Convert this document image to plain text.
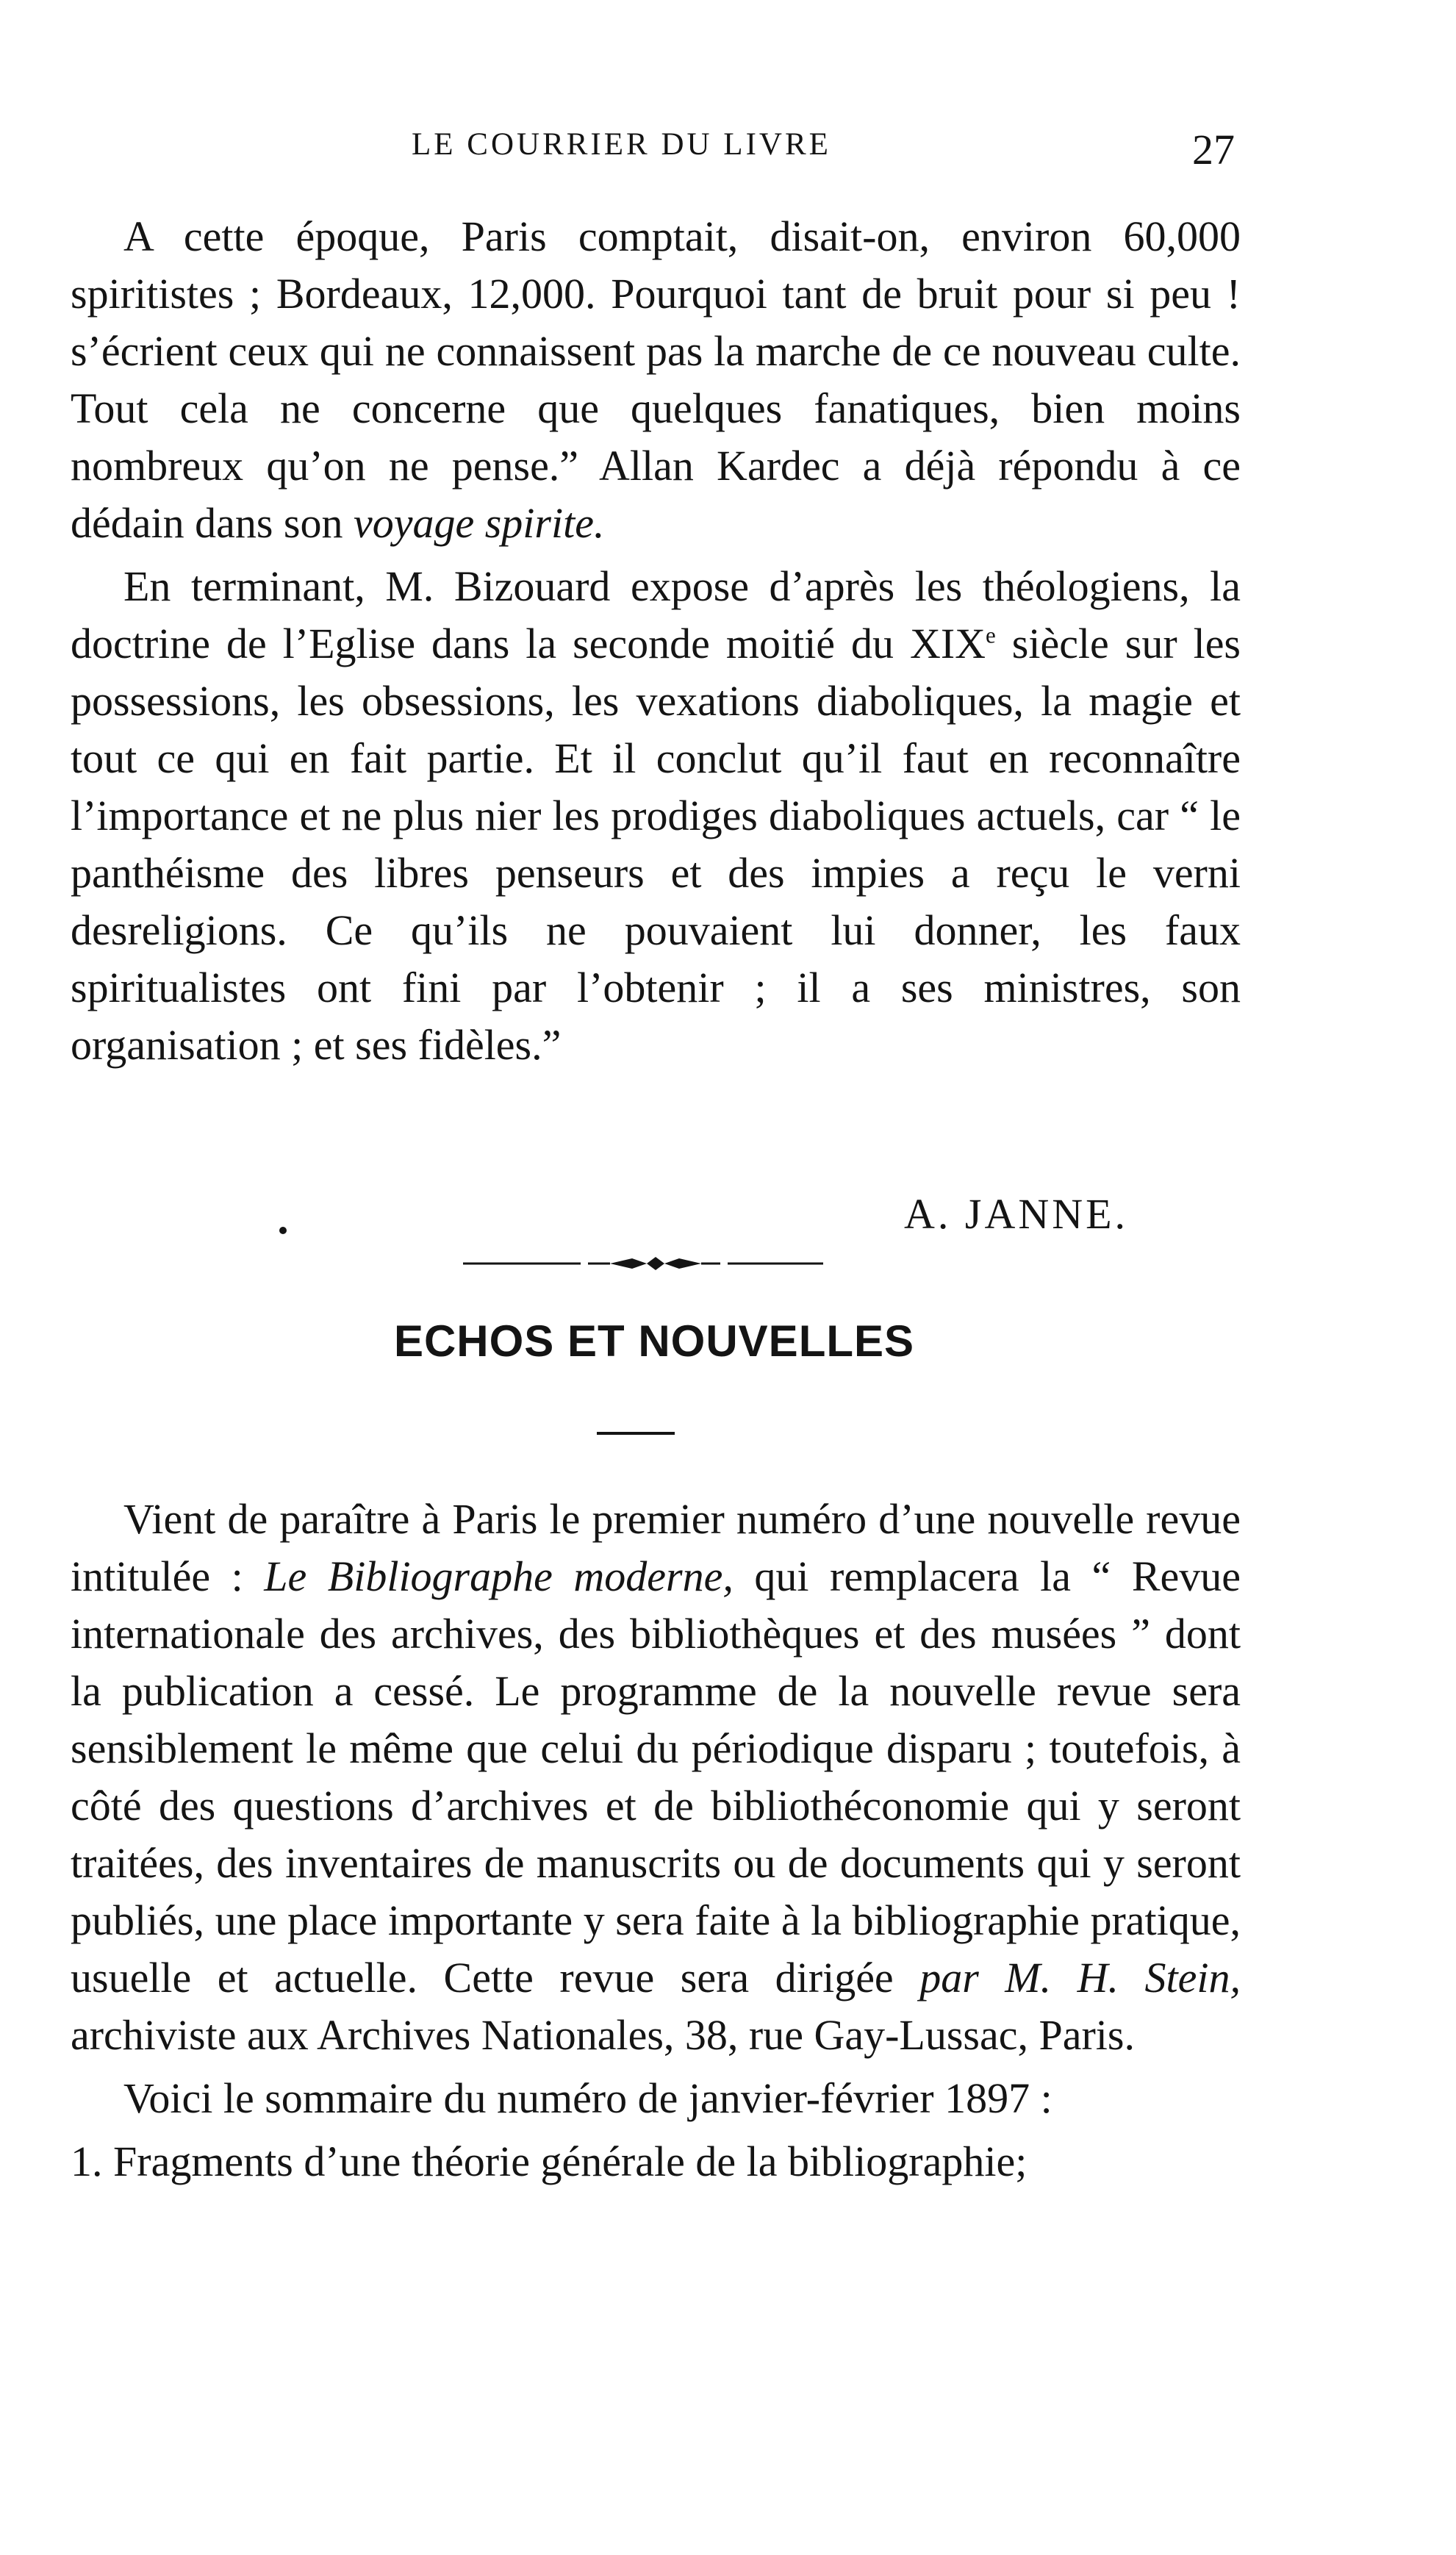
LE COURRIER DU LIVRE	27

A cette époque, Paris comptait, disait-on, environ 60,000 spiritistes ; Bordeaux, 12,000. Pourquoi tant de bruit pour si peu ! s’écrient ceux qui ne connaissent pas la marche de ce nouveau culte. Tout cela ne concerne que quelques fanatiques, bien moins nombreux qu’on ne pense.” Allan Kardec a déjà répondu à ce dédain dans son voyage spirite.

En terminant, M. Bizouard expose d’après les théologiens, la doctrine de l’Eglise dans la seconde moitié du XIXe siècle sur les possessions, les obsessions, les vexations diaboliques, la magie et tout ce qui en fait partie. Et il conclut qu’il faut en reconnaître l’importance et ne plus nier les prodiges diaboliques actuels, car “ le panthéisme des libres penseurs et des impies a reçu le verni desreligions. Ce qu’ils ne pouvaient lui donner, les faux spiritualistes ont fini par l’obtenir ; il a ses ministres, son organisation ; et ses fidèles.”

A. JANNE.
ECHOS ET NOUVELLES

Vient de paraître à Paris le premier numéro d’une nouvelle revue intitulée : Le Bibliographe moderne, qui remplacera la “ Revue internationale des archives, des bibliothèques et des musées ” dont la publication a cessé. Le programme de la nouvelle revue sera sensiblement le même que celui du périodique disparu ; toutefois, à côté des questions d’archives et de bibliothéconomie qui y seront traitées, des inventaires de manuscrits ou de documents qui y seront publiés, une place importante y sera faite à la bibliographie pratique, usuelle et actuelle. Cette revue sera dirigée par M. H. Stein, archiviste aux Archives Nationales, 38, rue Gay-Lussac, Paris.

Voici le sommaire du numéro de janvier-février 1897 :

1. Fragments d’une théorie générale de la bibliographie;
